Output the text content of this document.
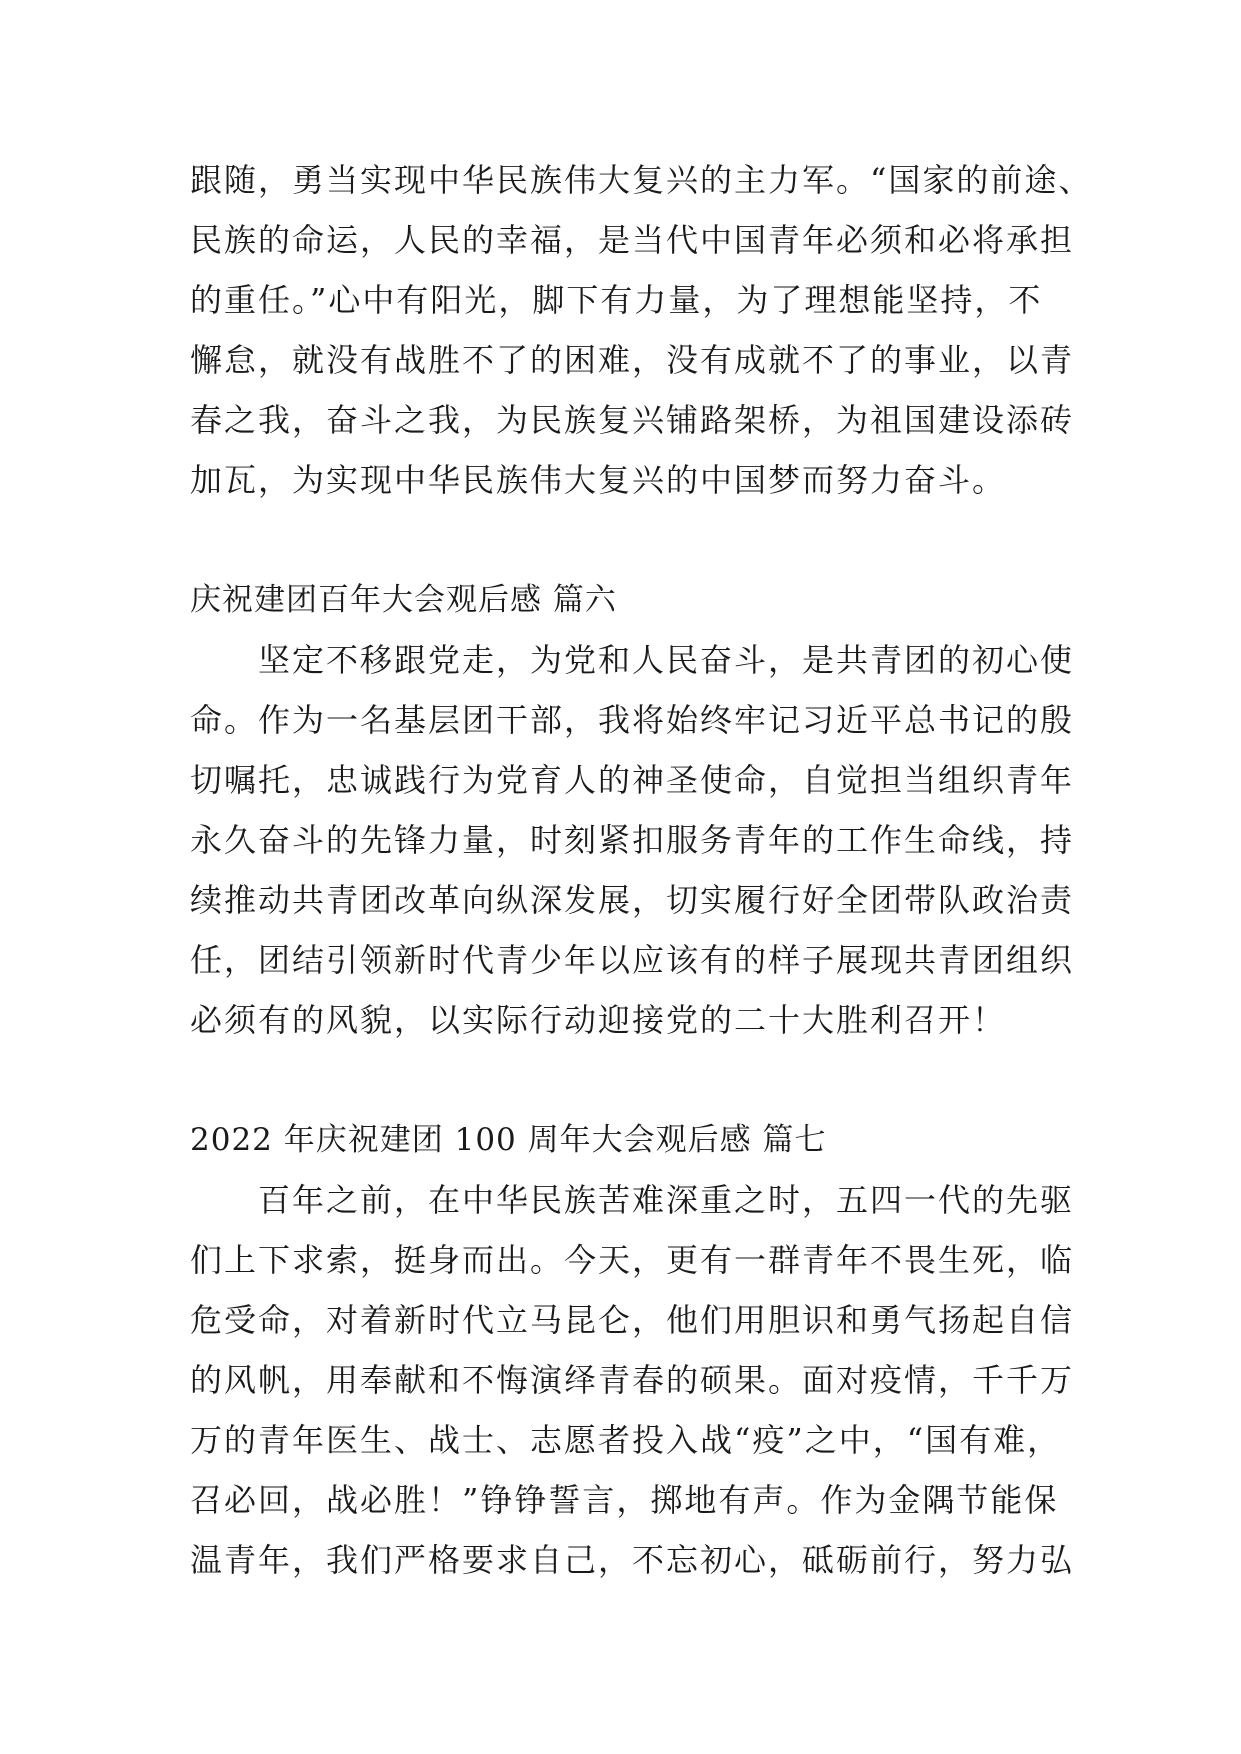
跟随，勇当实现中华民族伟大复兴的主力军。“国家的前途、
民族的命运，人民的幸福，是当代中国青年必须和必将承担
的重任。”心中有阳光，脚下有力量，为了理想能坚持，不
懈怠，就没有战胜不了的困难，没有成就不了的事业，以青
春之我，奋斗之我，为民族复兴铺路架桥，为祖国建设添砖
加瓦，为实现中华民族伟大复兴的中国梦而努力奋斗。
庆祝建团百年大会观后感 篇六
坚定不移跟党走，为党和人民奋斗，是共青团的初心使
命。作为一名基层团干部，我将始终牢记习近平总书记的殷
切嘱托，忠诚践行为党育人的神圣使命，自觉担当组织青年
永久奋斗的先锋力量，时刻紧扣服务青年的工作生命线，持
续推动共青团改革向纵深发展，切实履行好全团带队政治责
任，团结引领新时代青少年以应该有的样子展现共青团组织
必须有的风貌，以实际行动迎接党的二十大胜利召开！
2022 年庆祝建团 100 周年大会观后感 篇七
百年之前，在中华民族苦难深重之时，五四一代的先驱
们上下求索，挺身而出。今天，更有一群青年不畏生死，临
危受命，对着新时代立马昆仑，他们用胆识和勇气扬起自信
的风帆，用奉献和不悔演绎青春的硕果。面对疫情，千千万
万的青年医生、战士、志愿者投入战“疫”之中，“国有难，
召必回，战必胜！”铮铮誓言，掷地有声。作为金隅节能保
温青年，我们严格要求自己，不忘初心，砥砺前行，努力弘
